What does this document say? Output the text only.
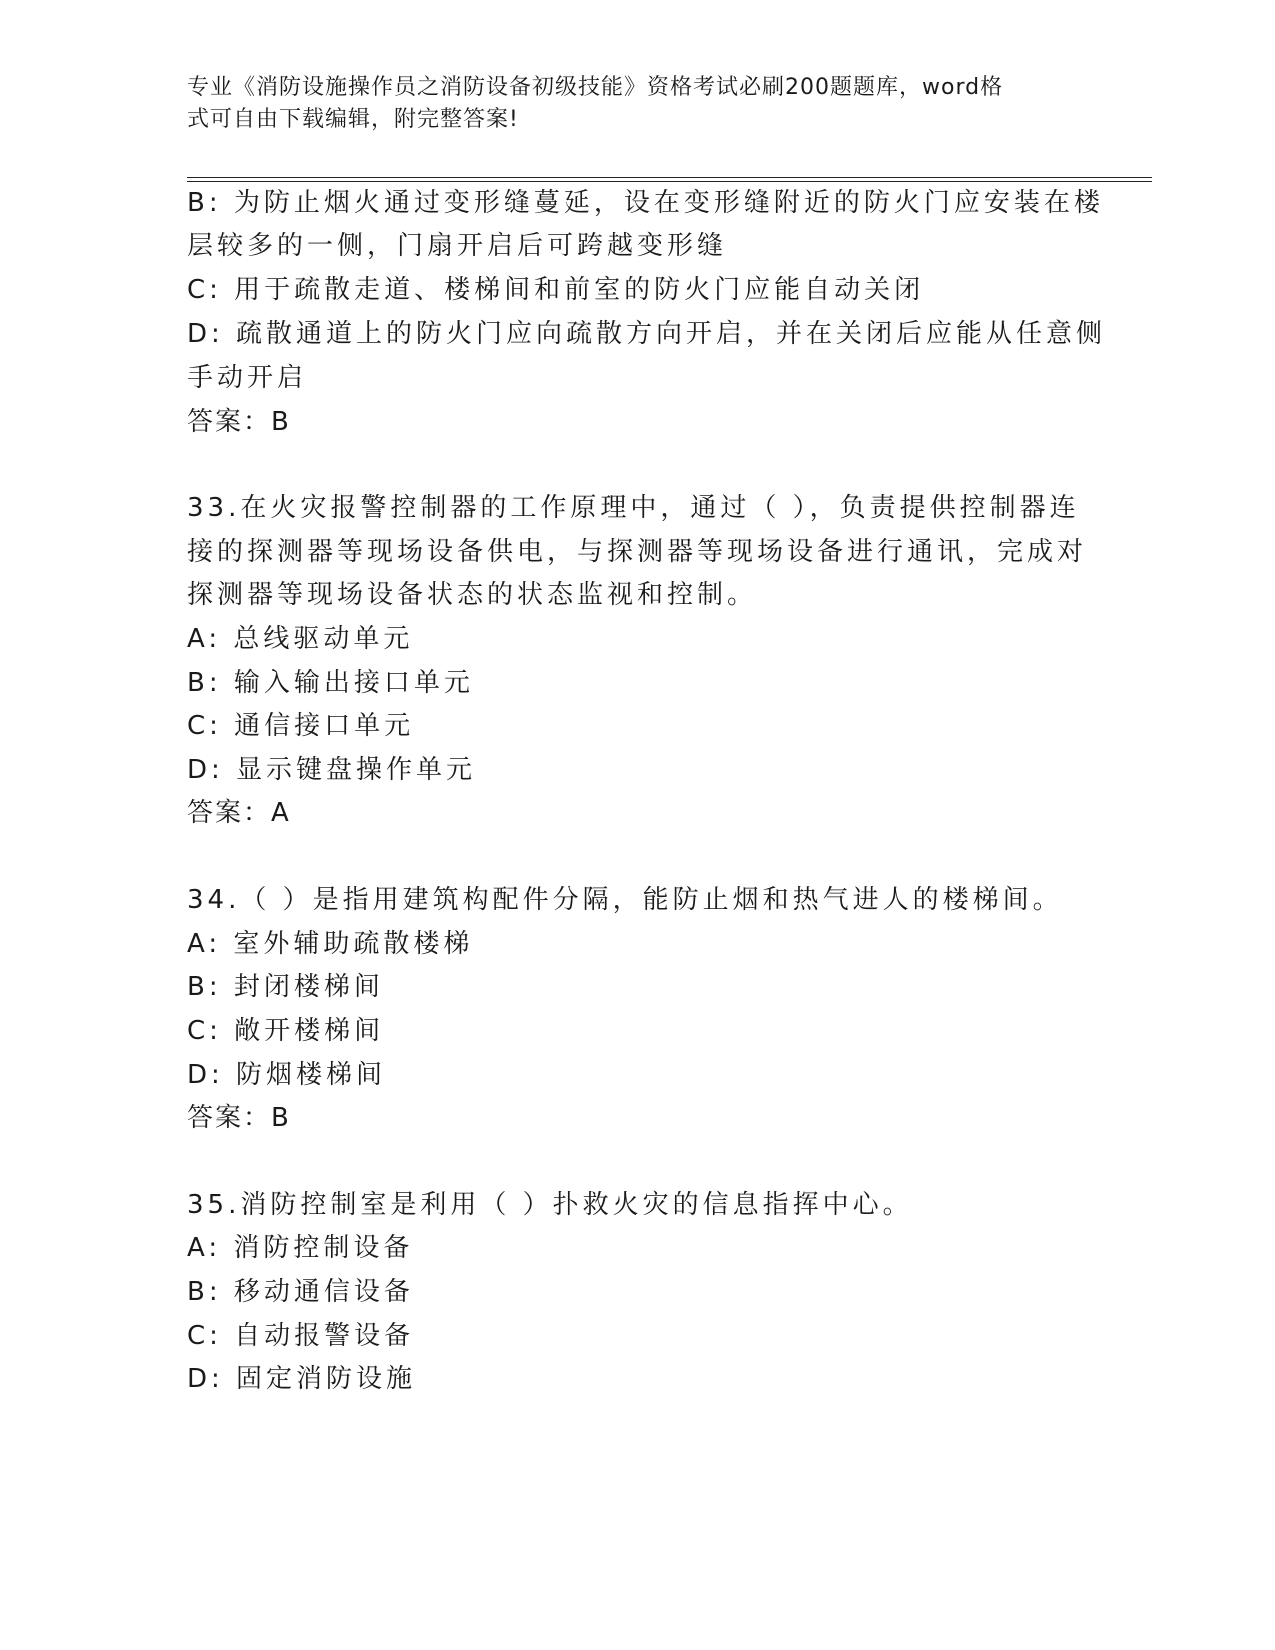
专业《消防设施操作员之消防设备初级技能》资格考试必刷200题题库，word格
式可自由下载编辑，附完整答案!
B: 为防止烟火通过变形缝蔓延，设在变形缝附近的防火门应安装在楼
层较多的一侧，门扇开启后可跨越变形缝
C: 用于疏散走道、楼梯间和前室的防火门应能自动关闭
D: 疏散通道上的防火门应向疏散方向开启，并在关闭后应能从任意侧
手动开启
答案：B
33.在火灾报警控制器的工作原理中，通过（ ），负责提供控制器连
接的探测器等现场设备供电，与探测器等现场设备进行通讯，完成对
探测器等现场设备状态的状态监视和控制。
A: 总线驱动单元
B: 输入输出接口单元
C: 通信接口单元
D: 显示键盘操作单元
答案：A
34.（ ）是指用建筑构配件分隔，能防止烟和热气进人的楼梯间。
A: 室外辅助疏散楼梯
B: 封闭楼梯间
C: 敞开楼梯间
D: 防烟楼梯间
答案：B
35.消防控制室是利用（ ）扑救火灾的信息指挥中心。
A: 消防控制设备
B: 移动通信设备
C: 自动报警设备
D: 固定消防设施
